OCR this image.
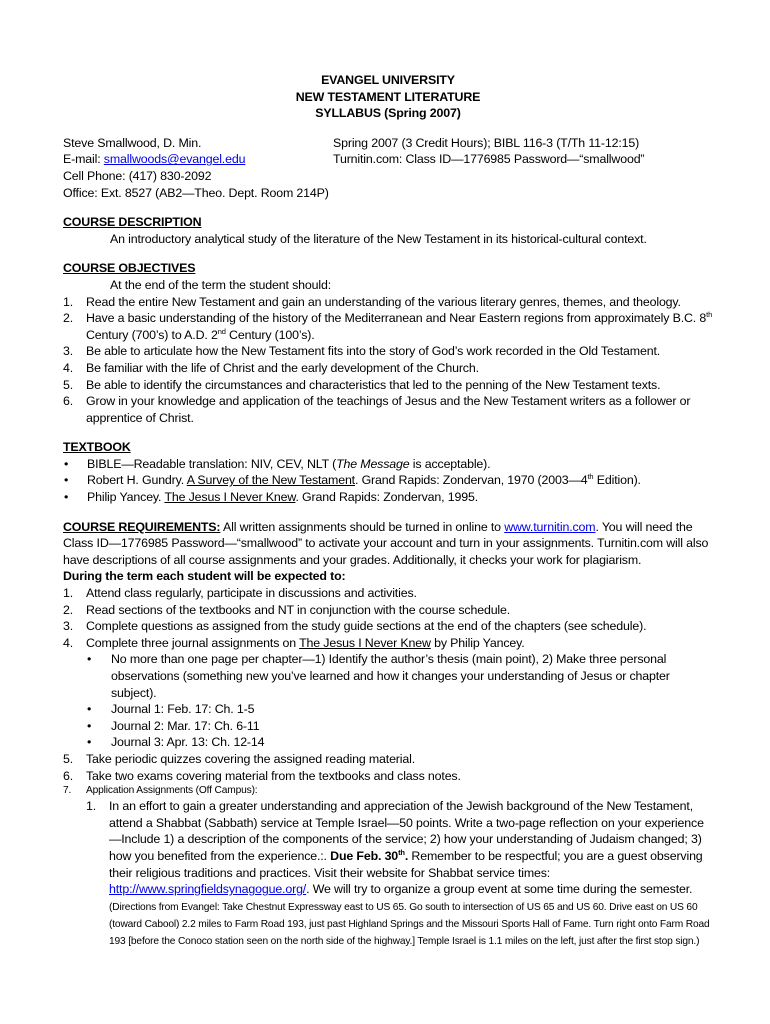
EVANGEL UNIVERSITY
NEW TESTAMENT LITERATURE
SYLLABUS (Spring 2007)
Steve Smallwood, D. Min.
E-mail: smallwoods@evangel.edu
Cell Phone: (417) 830-2092
Office: Ext. 8527 (AB2—Theo. Dept. Room 214P)
Spring 2007 (3 Credit Hours); BIBL 116-3 (T/Th 11-12:15)
Turnitin.com: Class ID—1776985 Password—“smallwood”
COURSE DESCRIPTION
An introductory analytical study of the literature of the New Testament in its historical-cultural context.
COURSE OBJECTIVES
At the end of the term the student should:
1.	Read the entire New Testament and gain an understanding of the various literary genres, themes, and theology.
2.	Have a basic understanding of the history of the Mediterranean and Near Eastern regions from approximately B.C. 8th Century (700’s) to A.D. 2nd Century (100’s).
3.	Be able to articulate how the New Testament fits into the story of God’s work recorded in the Old Testament.
4.	Be familiar with the life of Christ and the early development of the Church.
5.	Be able to identify the circumstances and characteristics that led to the penning of the New Testament texts.
6.	Grow in your knowledge and application of the teachings of Jesus and the New Testament writers as a follower or apprentice of Christ.
TEXTBOOK
•	BIBLE—Readable translation: NIV, CEV, NLT (The Message is acceptable).
•	Robert H. Gundry. A Survey of the New Testament. Grand Rapids: Zondervan, 1970 (2003—4th Edition).
•	Philip Yancey. The Jesus I Never Knew. Grand Rapids: Zondervan, 1995.
COURSE REQUIREMENTS: All written assignments should be turned in online to www.turnitin.com. You will need the Class ID—1776985 Password—“smallwood” to activate your account and turn in your assignments. Turnitin.com will also have descriptions of all course assignments and your grades. Additionally, it checks your work for plagiarism.
During the term each student will be expected to:
1.	Attend class regularly, participate in discussions and activities.
2.	Read sections of the textbooks and NT in conjunction with the course schedule.
3.	Complete questions as assigned from the study guide sections at the end of the chapters (see schedule).
4.	Complete three journal assignments on The Jesus I Never Knew by Philip Yancey.
•	No more than one page per chapter—1) Identify the author’s thesis (main point), 2) Make three personal observations (something new you’ve learned and how it changes your understanding of Jesus or chapter subject).
•	Journal 1: Feb. 17: Ch. 1-5
•	Journal 2: Mar. 17: Ch. 6-11
•	Journal 3: Apr. 13: Ch. 12-14
5.	Take periodic quizzes covering the assigned reading material.
6.	Take two exams covering material from the textbooks and class notes.
7.	Application Assignments (Off Campus):
1.	In an effort to gain a greater understanding and appreciation of the Jewish background of the New Testament, attend a Shabbat (Sabbath) service at Temple Israel—50 points. Write a two-page reflection on your experience—Include 1) a description of the components of the service; 2) how your understanding of Judaism changed; 3) how you benefited from the experience.:. Due Feb. 30th. Remember to be respectful; you are a guest observing their religious traditions and practices. Visit their website for Shabbat service times: http://www.springfieldsynagogue.org/. We will try to organize a group event at some time during the semester. (Directions from Evangel: Take Chestnut Expressway east to US 65. Go south to intersection of US 65 and US 60. Drive east on US 60 (toward Cabool) 2.2 miles to Farm Road 193, just past Highland Springs and the Missouri Sports Hall of Fame. Turn right onto Farm Road 193 [before the Conoco station seen on the north side of the highway.] Temple Israel is 1.1 miles on the left, just after the first stop sign.)
